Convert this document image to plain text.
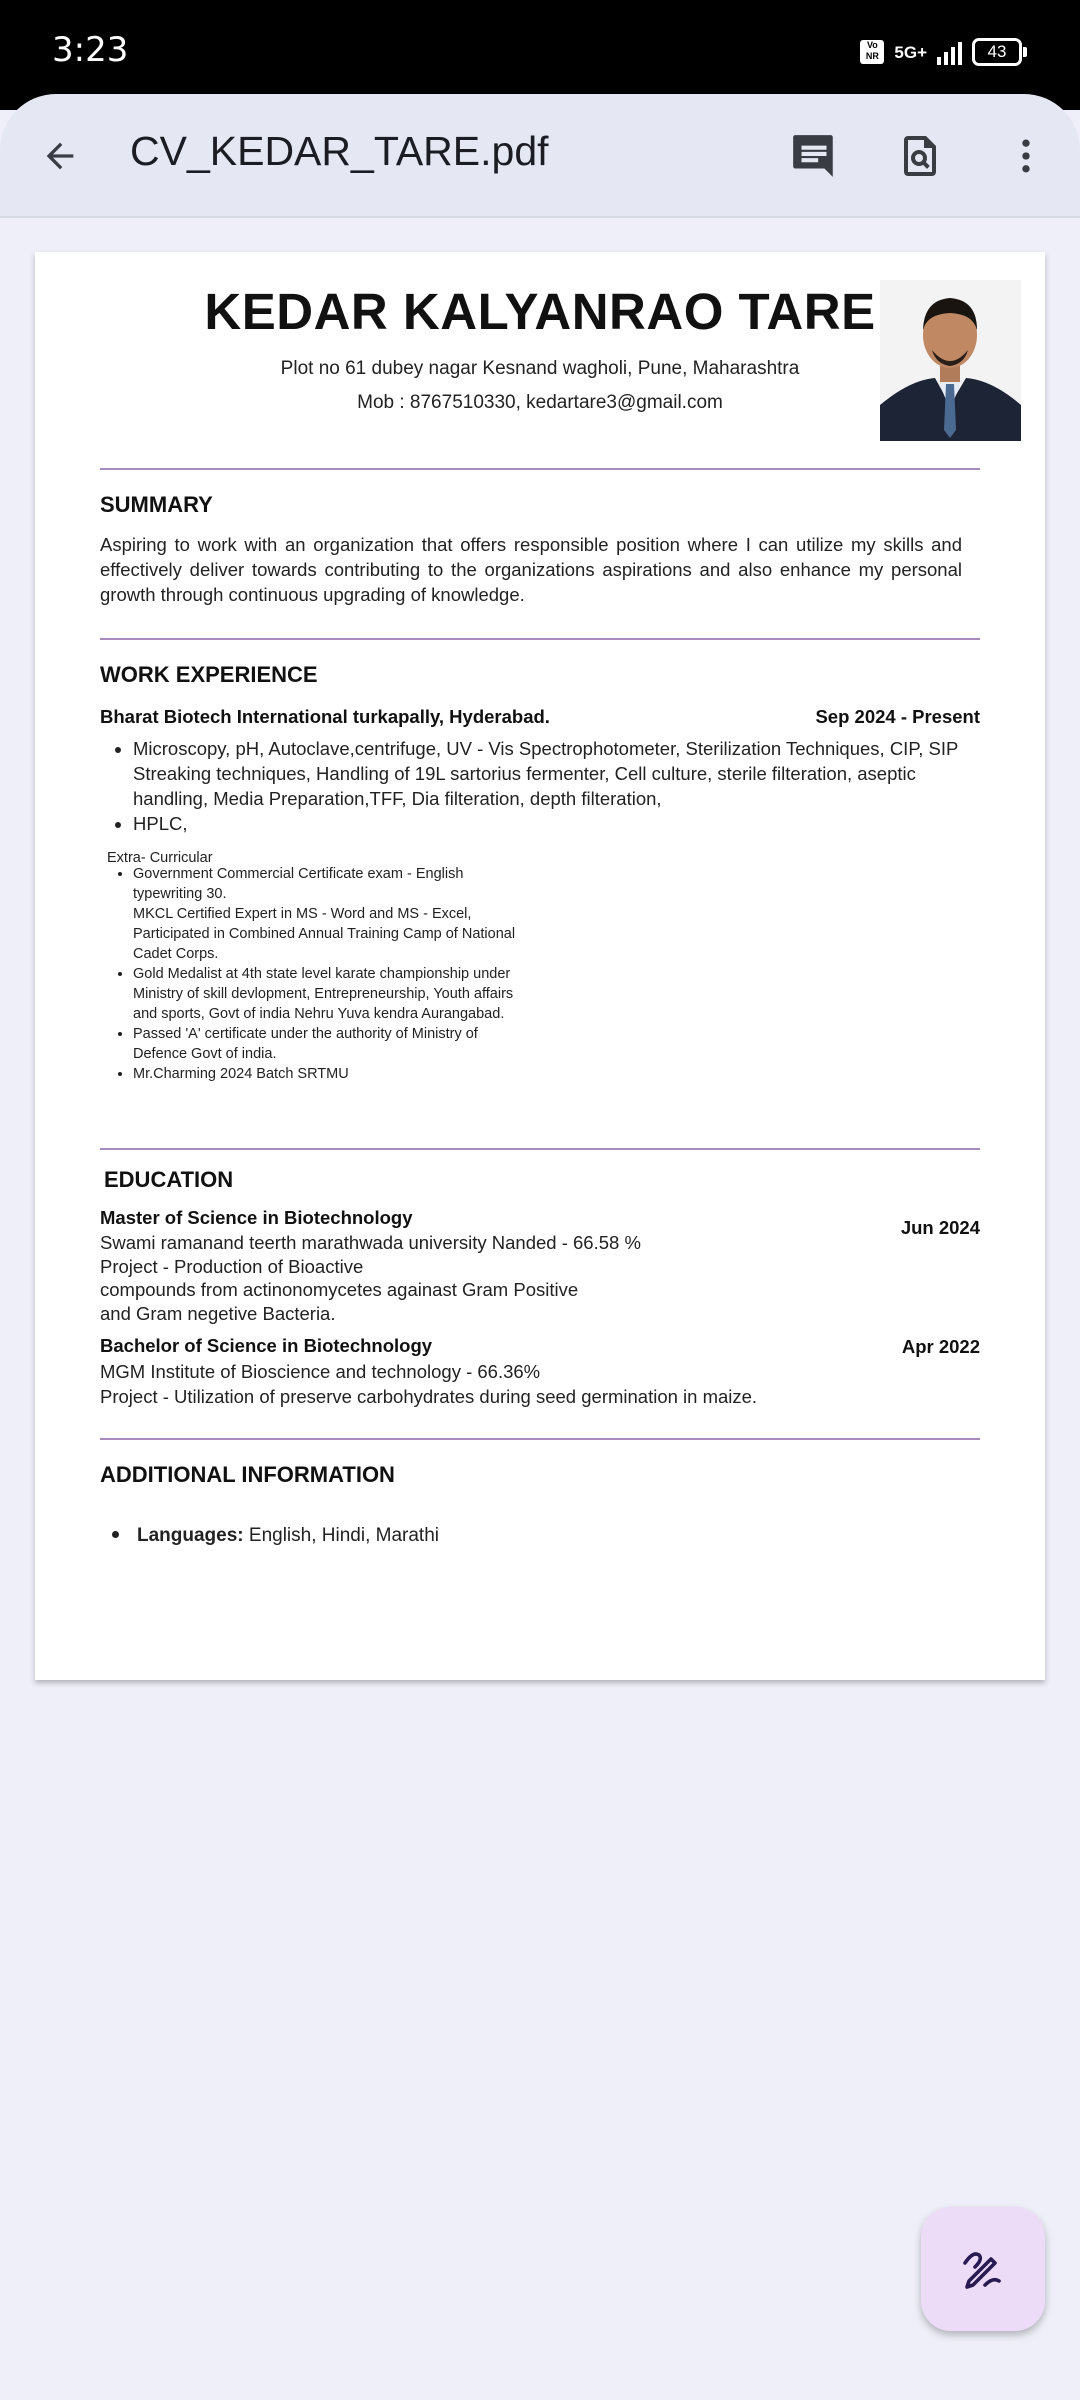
3:23	Vo
NR 5G+	43
CV_KEDAR_TARE.pdf
KEDAR KALYANRAO TARE
Plot no 61 dubey nagar Kesnand wagholi, Pune, Maharashtra
Mob : 8767510330, kedartare3@gmail.com
SUMMARY
Aspiring to work with an organization that offers responsible position where I can utilize my skills and effectively deliver towards contributing to the organizations aspirations and also enhance my personal growth through continuous upgrading of knowledge.
WORK EXPERIENCE
Bharat Biotech International turkapally, Hyderabad.	Sep 2024 - Present
• Microscopy, pH, Autoclave,centrifuge, UV - Vis Spectrophotometer, Sterilization Techniques, CIP, SIP Streaking techniques, Handling of 19L sartorius fermenter, Cell culture, sterile filteration, aseptic handling, Media Preparation,TFF, Dia filteration, depth filteration,
• HPLC,
Extra- Curricular
• Government Commercial Certificate exam - English typewriting 30.
MKCL Certified Expert in MS - Word and MS - Excel, Participated in Combined Annual Training Camp of National Cadet Corps.
• Gold Medalist at 4th state level karate championship under Ministry of skill devlopment, Entrepreneurship, Youth affairs and sports, Govt of india Nehru Yuva kendra Aurangabad.
• Passed 'A' certificate under the authority of Ministry of Defence Govt of india.
• Mr.Charming 2024 Batch SRTMU
EDUCATION
Master of Science in Biotechnology	Jun 2024
Swami ramanand teerth marathwada university Nanded - 66.58 %
Project - Production of Bioactive
compounds from actinonomycetes againast Gram Positive
and Gram negetive Bacteria.
Bachelor of Science in Biotechnology	Apr 2022
MGM Institute of Bioscience and technology - 66.36%
Project - Utilization of preserve carbohydrates during seed germination in maize.
ADDITIONAL INFORMATION
Languages: English, Hindi, Marathi
